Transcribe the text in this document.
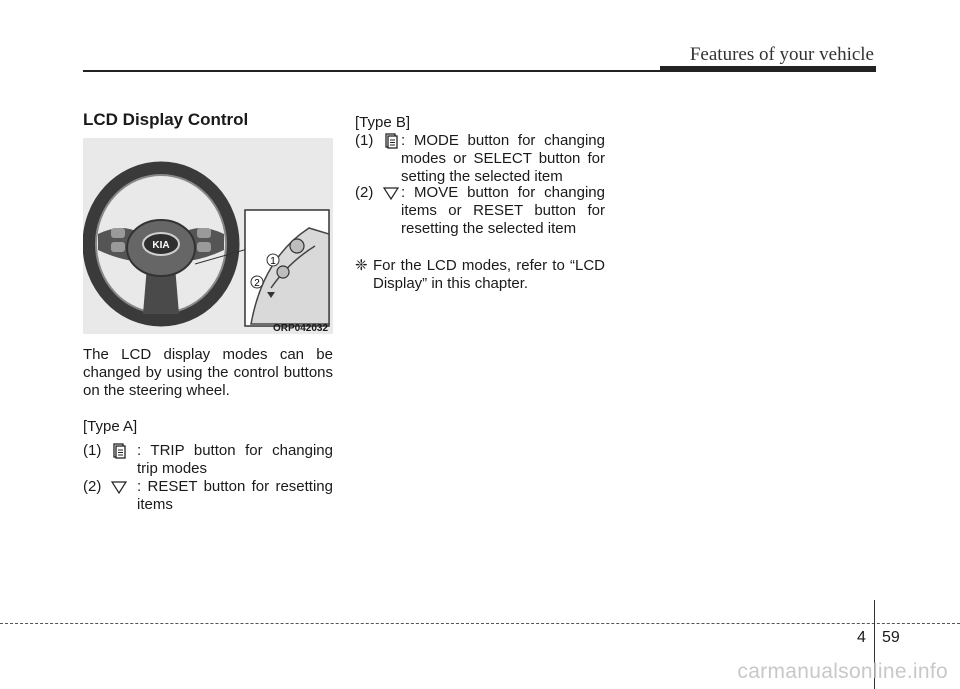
Features of your vehicle
LCD Display Control
KIA
1
2
ORP042032
The LCD display modes can be changed by using the control buttons on the steering wheel.
[Type A]
(1) : TRIP button for changing trip modes
(2) : RESET button for resetting items
[Type B]
(1) : MODE button for changing modes or SELECT button for setting the selected item
(2) : MOVE button for changing items or RESET button for resetting the selected item
❈ For the LCD modes, refer to “LCD Display” in this chapter.
4 59
carmanualsonline.info
